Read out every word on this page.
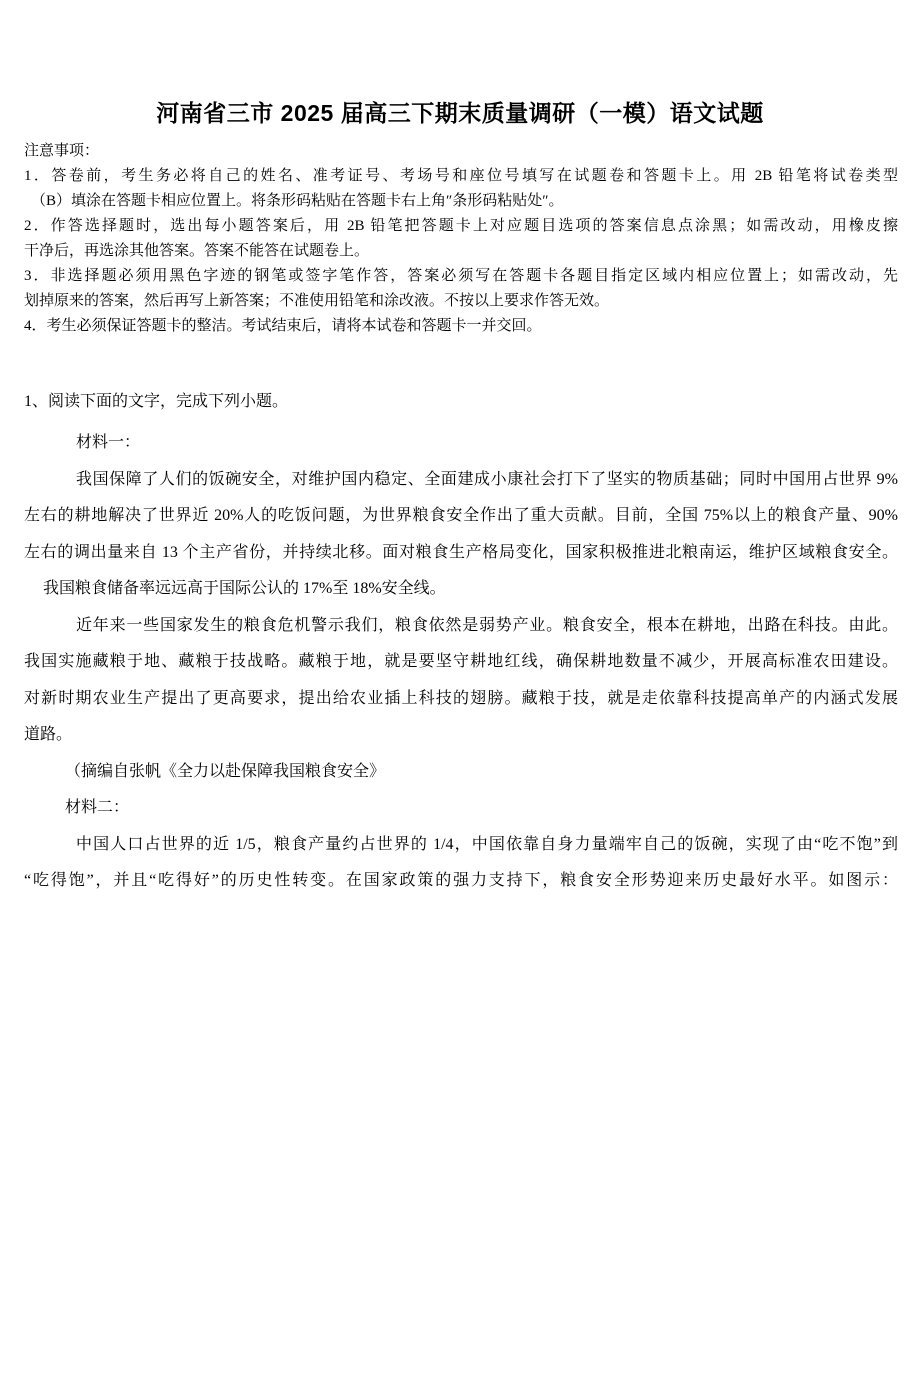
河南省三市 2025 届高三下期末质量调研（一模）语文试题
注意事项：
1．答卷前，考生务必将自己的姓名、准考证号、考场号和座位号填写在试题卷和答题卡上。用 2B 铅笔将试卷类型
（B）填涂在答题卡相应位置上。将条形码粘贴在答题卡右上角″条形码粘贴处″。
2．作答选择题时，选出每小题答案后，用 2B 铅笔把答题卡上对应题目选项的答案信息点涂黑；如需改动，用橡皮擦
干净后，再选涂其他答案。答案不能答在试题卷上。
3．非选择题必须用黑色字迹的钢笔或签字笔作答，答案必须写在答题卡各题目指定区域内相应位置上；如需改动，先
划掉原来的答案，然后再写上新答案；不准使用铅笔和涂改液。不按以上要求作答无效。
4．考生必须保证答题卡的整洁。考试结束后，请将本试卷和答题卡一并交回。
1、阅读下面的文字，完成下列小题。
材料一：
我国保障了人们的饭碗安全，对维护国内稳定、全面建成小康社会打下了坚实的物质基础；同时中国用占世界 9%
左右的耕地解决了世界近 20%人的吃饭问题，为世界粮食安全作出了重大贡献。目前，全国 75%以上的粮食产量、90%
左右的调出量来自 13 个主产省份，并持续北移。面对粮食生产格局变化，国家积极推进北粮南运，维护区域粮食安全。
我国粮食储备率远远高于国际公认的 17%至 18%安全线。
近年来一些国家发生的粮食危机警示我们，粮食依然是弱势产业。粮食安全，根本在耕地，出路在科技。由此。
我国实施藏粮于地、藏粮于技战略。藏粮于地，就是要坚守耕地红线，确保耕地数量不减少，开展高标准农田建设。
对新时期农业生产提出了更高要求，提出给农业插上科技的翅膀。藏粮于技，就是走依靠科技提高单产的内涵式发展
道路。
（摘编自张帆《全力以赴保障我国粮食安全》
材料二：
中国人口占世界的近 1/5，粮食产量约占世界的 1/4，中国依靠自身力量端牢自己的饭碗，实现了由“吃不饱”到
“吃得饱”，并且“吃得好”的历史性转变。在国家政策的强力支持下，粮食安全形势迎来历史最好水平。如图示：
